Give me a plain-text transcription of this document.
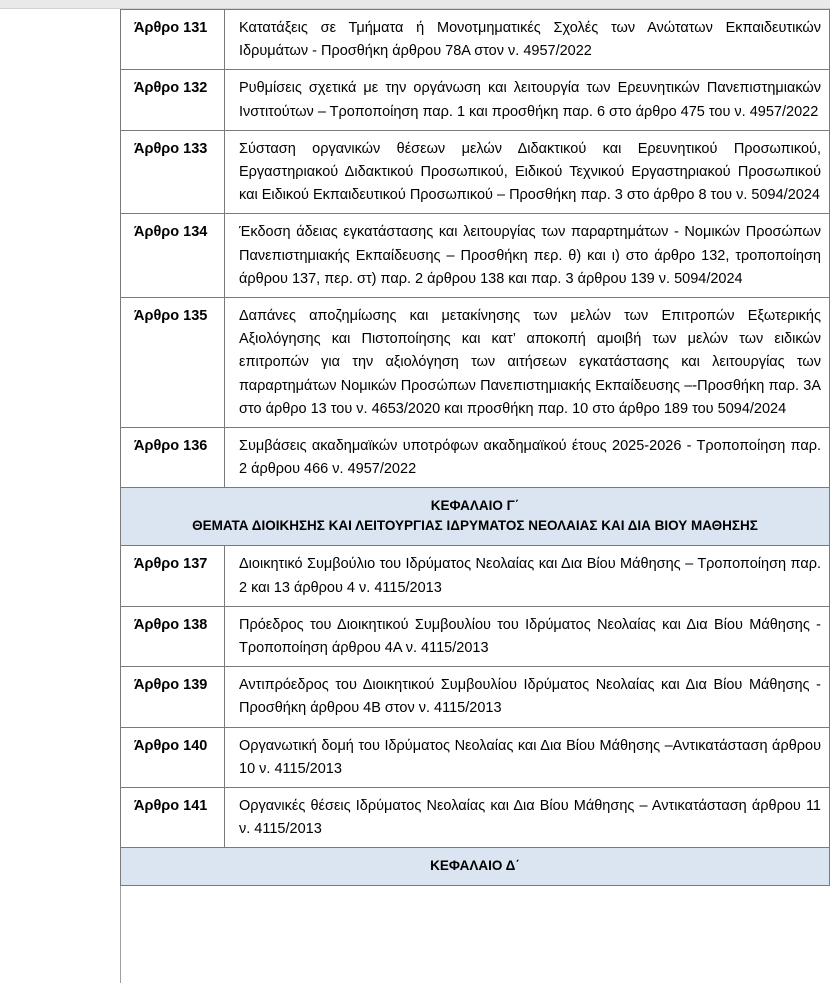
Άρθρο 131	Κατατάξεις σε Τμήματα ή Μονοτμηματικές Σχολές των Ανώτατων Εκπαιδευτικών Ιδρυμάτων - Προσθήκη άρθρου 78Α στον ν. 4957/2022
Άρθρο 132	Ρυθμίσεις σχετικά με την οργάνωση και λειτουργία των Ερευνητικών Πανεπιστημιακών Ινστιτούτων – Τροποποίηση παρ. 1 και προσθήκη παρ. 6 στο άρθρο 475 του ν. 4957/2022
Άρθρο 133	Σύσταση οργανικών θέσεων μελών Διδακτικού και Ερευνητικού Προσωπικού, Εργαστηριακού Διδακτικού Προσωπικού, Ειδικού Τεχνικού Εργαστηριακού Προσωπικού και Ειδικού Εκπαιδευτικού Προσωπικού – Προσθήκη παρ. 3 στο άρθρο 8 του ν. 5094/2024
Άρθρο 134	Έκδοση άδειας εγκατάστασης και λειτουργίας των παραρτημάτων - Νομικών Προσώπων Πανεπιστημιακής Εκπαίδευσης – Προσθήκη περ. θ) και ι) στο άρθρο 132, τροποποίηση άρθρου 137, περ. στ) παρ. 2 άρθρου 138 και παρ. 3 άρθρου 139 ν. 5094/2024
Άρθρο 135	Δαπάνες αποζημίωσης και μετακίνησης των μελών των Επιτροπών Εξωτερικής Αξιολόγησης και Πιστοποίησης και κατ’ αποκοπή αμοιβή των μελών των ειδικών επιτροπών για την αξιολόγηση των αιτήσεων εγκατάστασης και λειτουργίας των παραρτημάτων Νομικών Προσώπων Πανεπιστημιακής Εκπαίδευσης –-Προσθήκη παρ. 3Α στο άρθρο 13 του ν. 4653/2020 και προσθήκη παρ. 10 στο άρθρο 189 του 5094/2024
Άρθρο 136	Συμβάσεις ακαδημαϊκών υποτρόφων ακαδημαϊκού έτους 2025-2026 - Τροποποίηση παρ. 2 άρθρου 466 ν. 4957/2022

ΚΕΦΑΛΑΙΟ Γ΄
ΘΕΜΑΤΑ ΔΙΟΙΚΗΣΗΣ ΚΑΙ ΛΕΙΤΟΥΡΓΙΑΣ ΙΔΡΥΜΑΤΟΣ ΝΕΟΛΑΙΑΣ ΚΑΙ ΔΙΑ ΒΙΟΥ ΜΑΘΗΣΗΣ	

Άρθρο 137	Διοικητικό Συμβούλιο του Ιδρύματος Νεολαίας και Δια Βίου Μάθησης – Τροποποίηση παρ. 2 και 13 άρθρου 4 ν. 4115/2013
Άρθρο 138	Πρόεδρος του Διοικητικού Συμβουλίου του Ιδρύματος Νεολαίας και Δια Βίου Μάθησης - Τροποποίηση άρθρου 4Α ν. 4115/2013
Άρθρο 139	Αντιπρόεδρος του Διοικητικού Συμβουλίου Ιδρύματος Νεολαίας και Δια Βίου Μάθησης - Προσθήκη άρθρου 4Β στον ν. 4115/2013
Άρθρο 140	Οργανωτική δομή του Ιδρύματος Νεολαίας και Δια Βίου Μάθησης –Αντικατάσταση άρθρου 10 ν. 4115/2013
Άρθρο 141	Οργανικές θέσεις Ιδρύματος Νεολαίας και Δια Βίου Μάθησης – Αντικατάσταση άρθρου 11 ν. 4115/2013

ΚΕΦΑΛΑΙΟ Δ΄	
